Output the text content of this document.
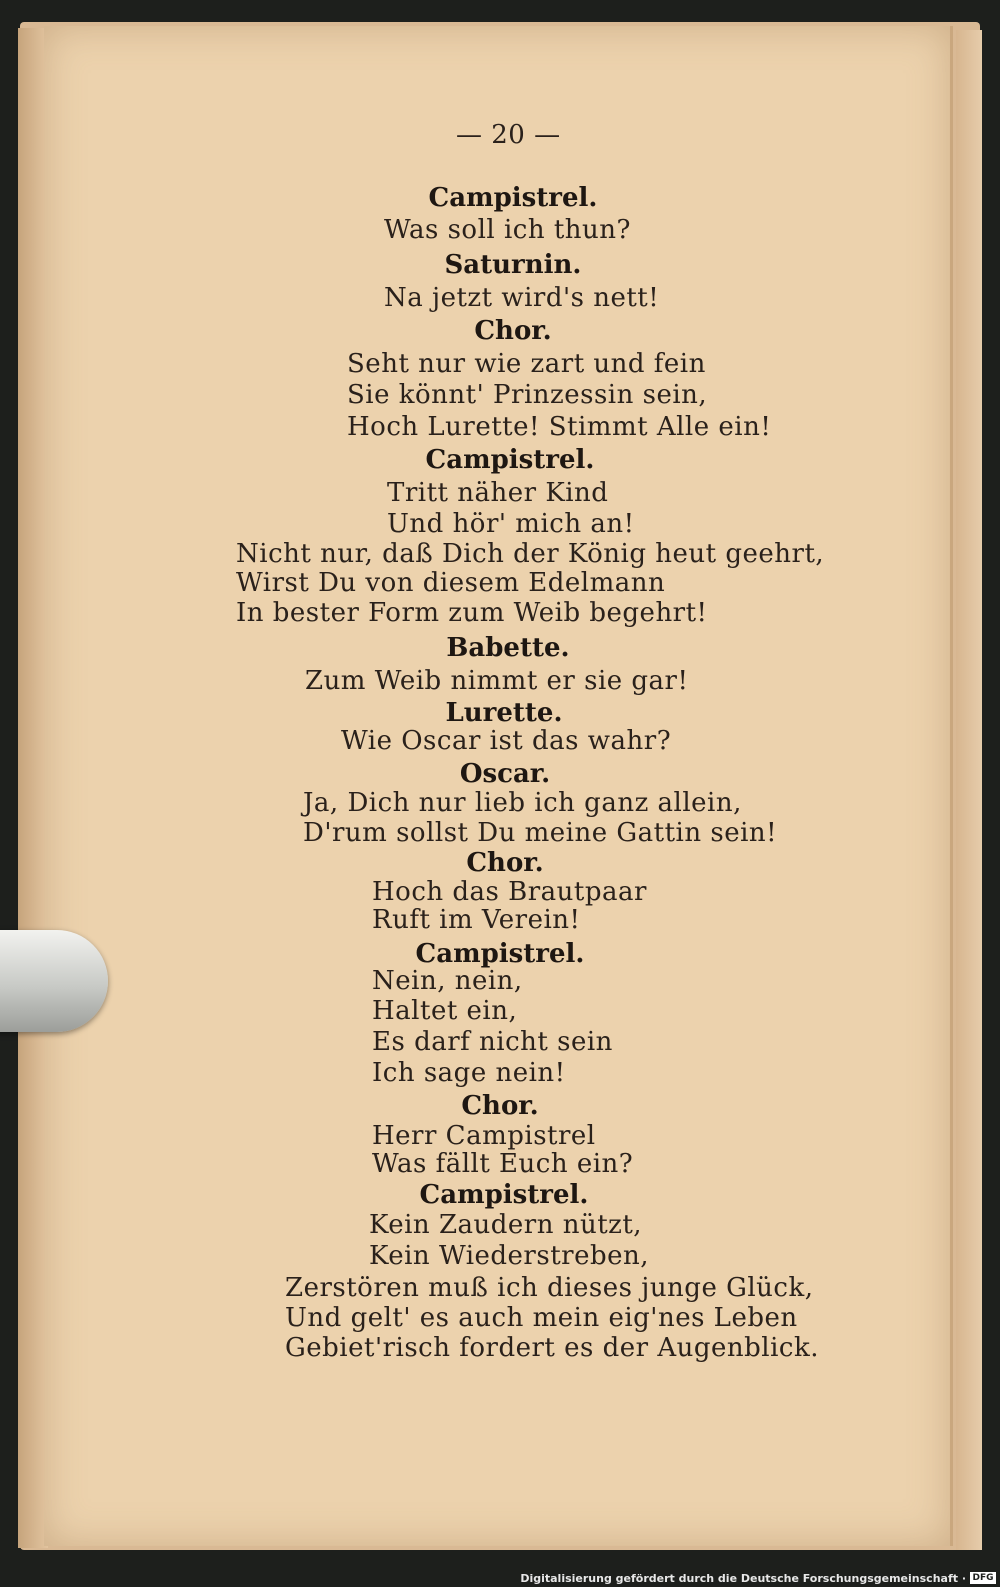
— 20 —
Campistrel.
Was soll ich thun?
Saturnin.
Na jetzt wird's nett!
Chor.
Seht nur wie zart und fein
Sie könnt' Prinzessin sein,
Hoch Lurette! Stimmt Alle ein!
Campistrel.
Tritt näher Kind
Und hör' mich an!
Nicht nur, daß Dich der König heut geehrt,
Wirst Du von diesem Edelmann
In bester Form zum Weib begehrt!
Babette.
Zum Weib nimmt er sie gar!
Lurette.
Wie Oscar ist das wahr?
Oscar.
Ja, Dich nur lieb ich ganz allein,
D'rum sollst Du meine Gattin sein!
Chor.
Hoch das Brautpaar
Ruft im Verein!
Campistrel.
Nein, nein,
Haltet ein,
Es darf nicht sein
Ich sage nein!
Chor.
Herr Campistrel
Was fällt Euch ein?
Campistrel.
Kein Zaudern nützt,
Kein Wiederstreben,
Zerstören muß ich dieses junge Glück,
Und gelt' es auch mein eig'nes Leben
Gebiet'risch fordert es der Augenblick.
Digitalisierung gefördert durch die Deutsche Forschungsgemeinschaft · DFG
